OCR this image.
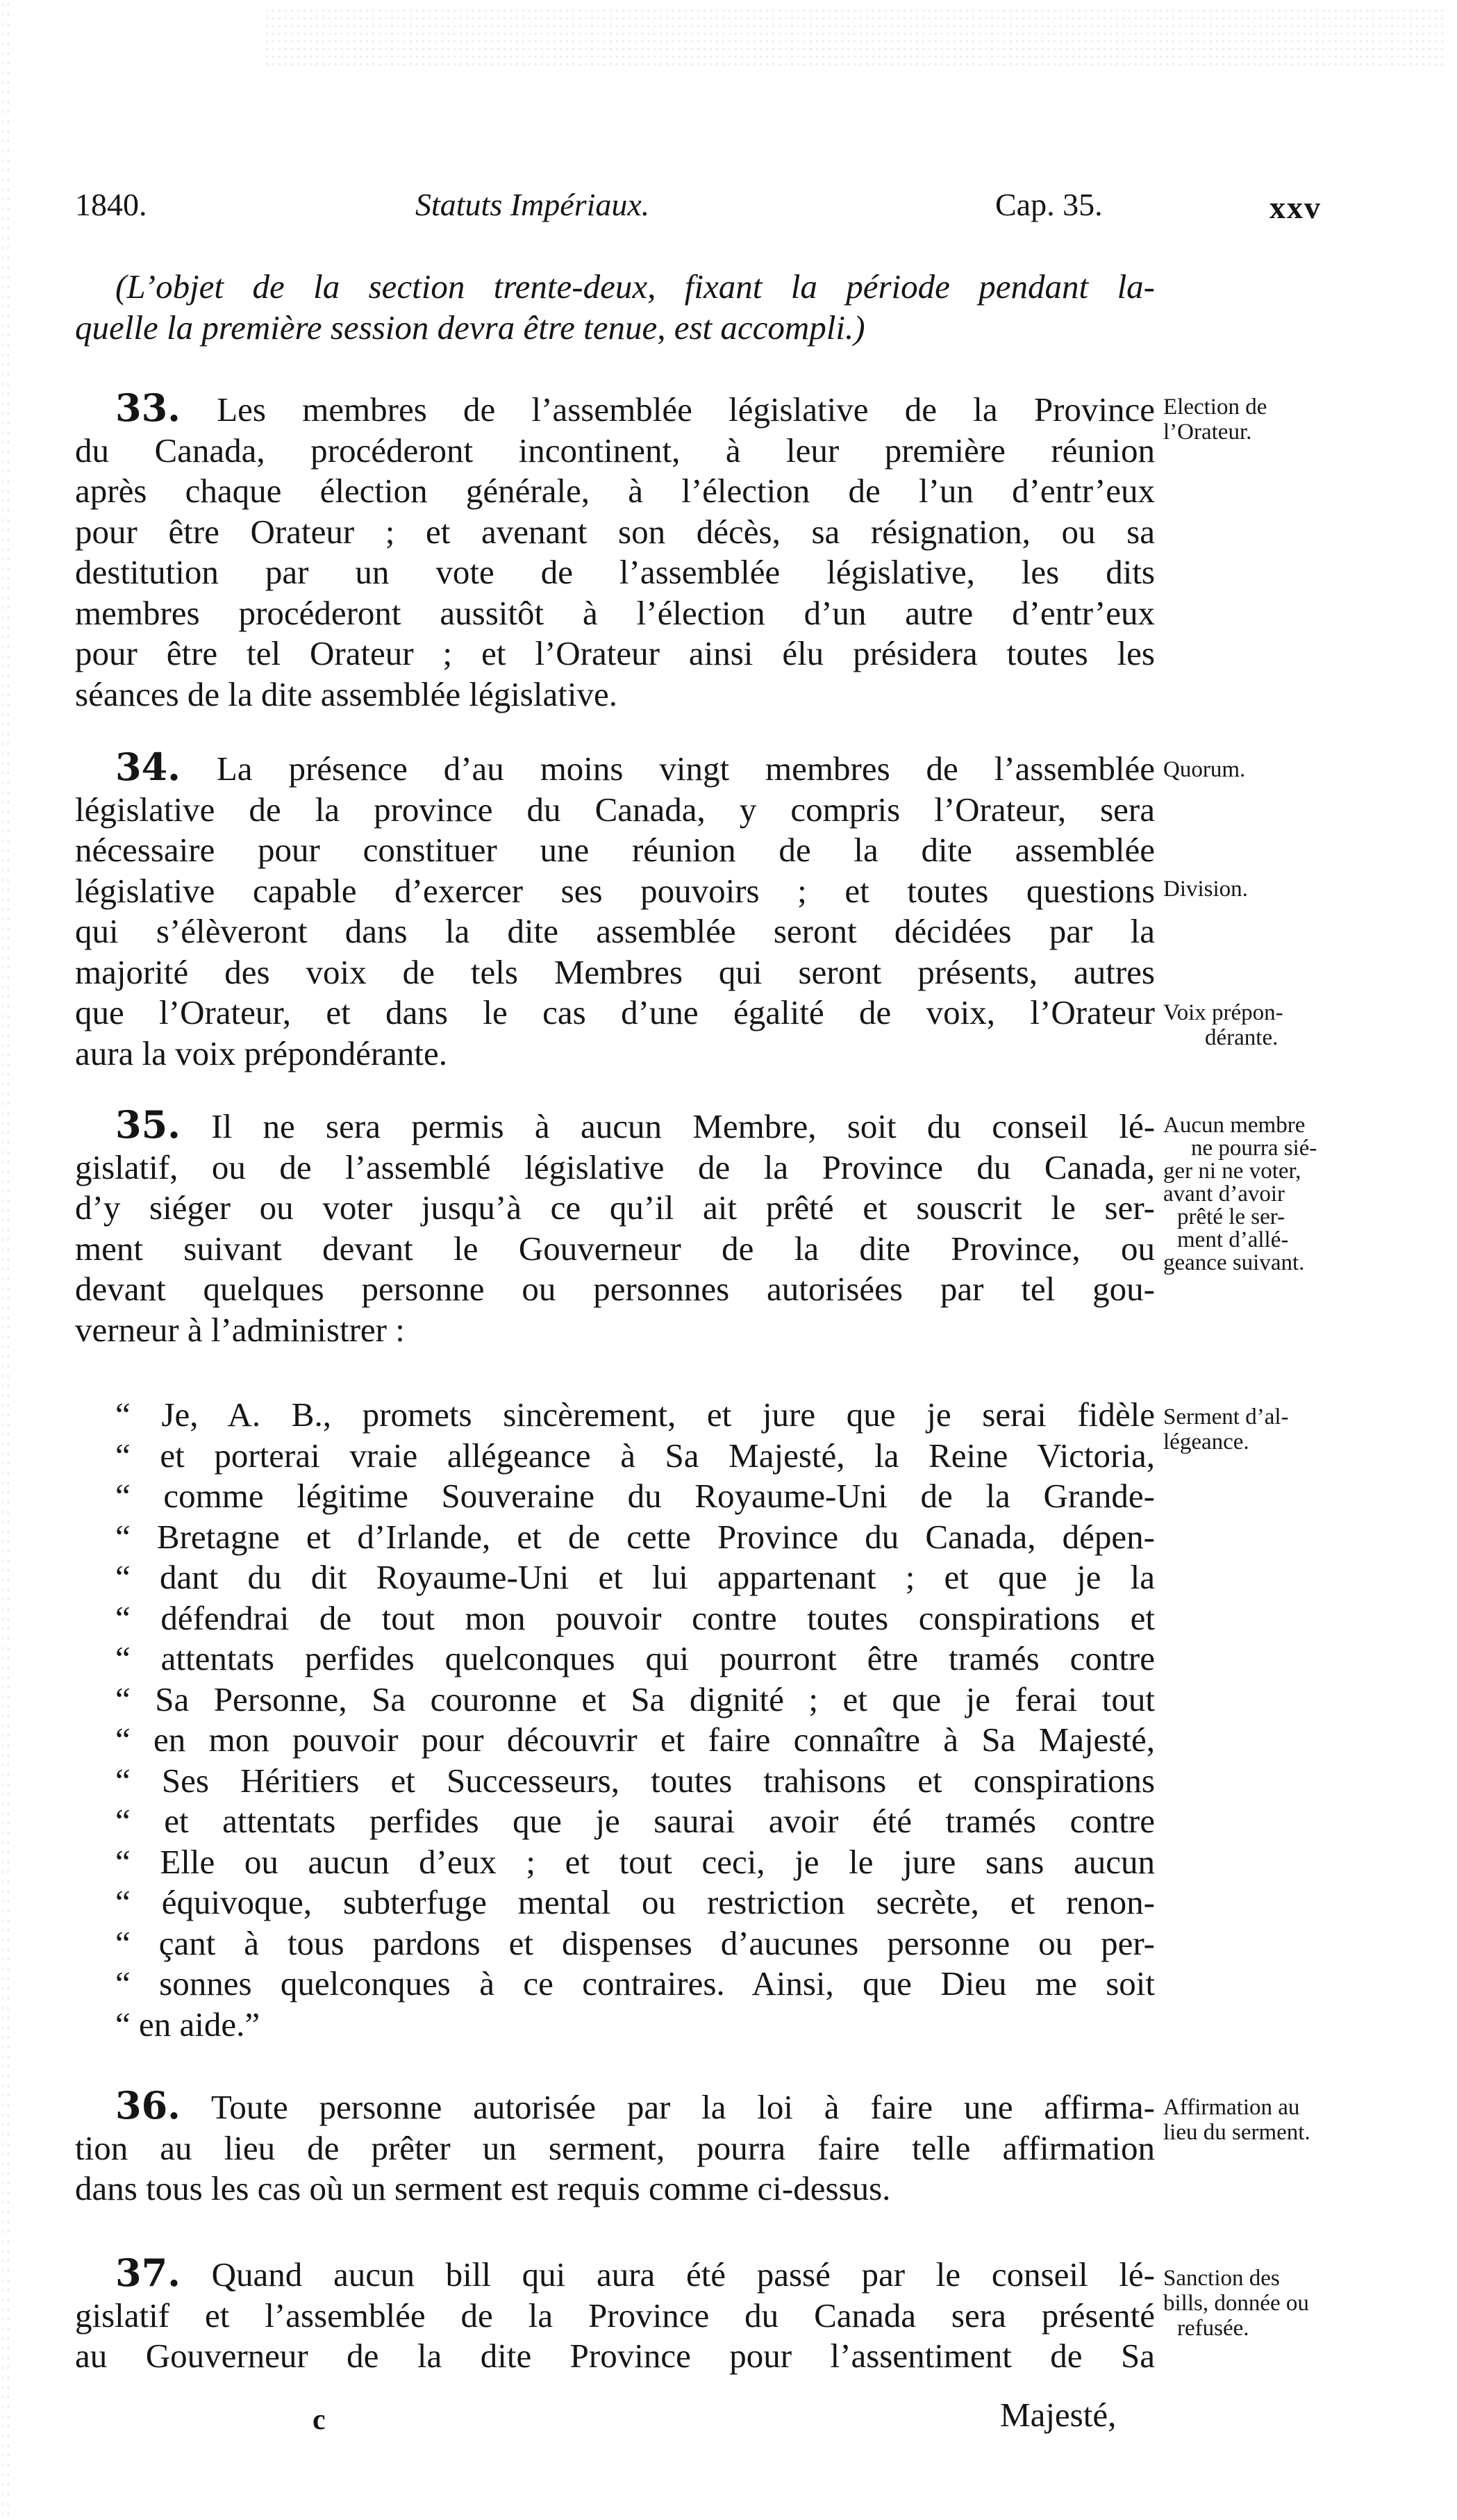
1840.	Statuts Impériaux.	Cap. 35.	xxv
(L’objet de la section trente-deux, fixant la période pendant la-
quelle la première session devra être tenue, est accompli.)
33. Les membres de l’assemblée législative de la Province
du Canada, procéderont incontinent, à leur première réunion
après chaque élection générale, à l’élection de l’un d’entr’eux
pour être Orateur ; et avenant son décès, sa résignation, ou sa
destitution par un vote de l’assemblée législative, les dits
membres procéderont aussitôt à l’élection d’un autre d’entr’eux
pour être tel Orateur ; et l’Orateur ainsi élu présidera toutes les
séances de la dite assemblée législative.
34. La présence d’au moins vingt membres de l’assemblée
législative de la province du Canada, y compris l’Orateur, sera
nécessaire pour constituer une réunion de la dite assemblée
législative capable d’exercer ses pouvoirs ; et toutes questions
qui s’élèveront dans la dite assemblée seront décidées par la
majorité des voix de tels Membres qui seront présents, autres
que l’Orateur, et dans le cas d’une égalité de voix, l’Orateur
aura la voix prépondérante.
35. Il ne sera permis à aucun Membre, soit du conseil lé-
gislatif, ou de l’assemblé législative de la Province du Canada,
d’y siéger ou voter jusqu’à ce qu’il ait prêté et souscrit le ser-
ment suivant devant le Gouverneur de la dite Province, ou
devant quelques personne ou personnes autorisées par tel gou-
verneur à l’administrer :
“ Je, A. B., promets sincèrement, et jure que je serai fidèle
“ et porterai vraie allégeance à Sa Majesté, la Reine Victoria,
“ comme légitime Souveraine du Royaume-Uni de la Grande-
“ Bretagne et d’Irlande, et de cette Province du Canada, dépen-
“ dant du dit Royaume-Uni et lui appartenant ; et que je la
“ défendrai de tout mon pouvoir contre toutes conspirations et
“ attentats perfides quelconques qui pourront être tramés contre
“ Sa Personne, Sa couronne et Sa dignité ; et que je ferai tout
“ en mon pouvoir pour découvrir et faire connaître à Sa Majesté,
“ Ses Héritiers et Successeurs, toutes trahisons et conspirations
“ et attentats perfides que je saurai avoir été tramés contre
“ Elle ou aucun d’eux ; et tout ceci, je le jure sans aucun
“ équivoque, subterfuge mental ou restriction secrète, et renon-
“ çant à tous pardons et dispenses d’aucunes personne ou per-
“ sonnes quelconques à ce contraires. Ainsi, que Dieu me soit
“ en aide.”
36. Toute personne autorisée par la loi à faire une affirma-
tion au lieu de prêter un serment, pourra faire telle affirmation
dans tous les cas où un serment est requis comme ci-dessus.
37. Quand aucun bill qui aura été passé par le conseil lé-
gislatif et l’assemblée de la Province du Canada sera présenté
au Gouverneur de la dite Province pour l’assentiment de Sa
Election de
l’Orateur.
Quorum.
Division.
Voix prépon-
dérante.
Aucun membre
ne pourra sié-
ger ni ne voter,
avant d’avoir
prêté le ser-
ment d’allé-
geance suivant.
Serment d’al-
légeance.
Affirmation au
lieu du serment.
Sanction des
bills, donnée ou
refusée.
c	Majesté,
